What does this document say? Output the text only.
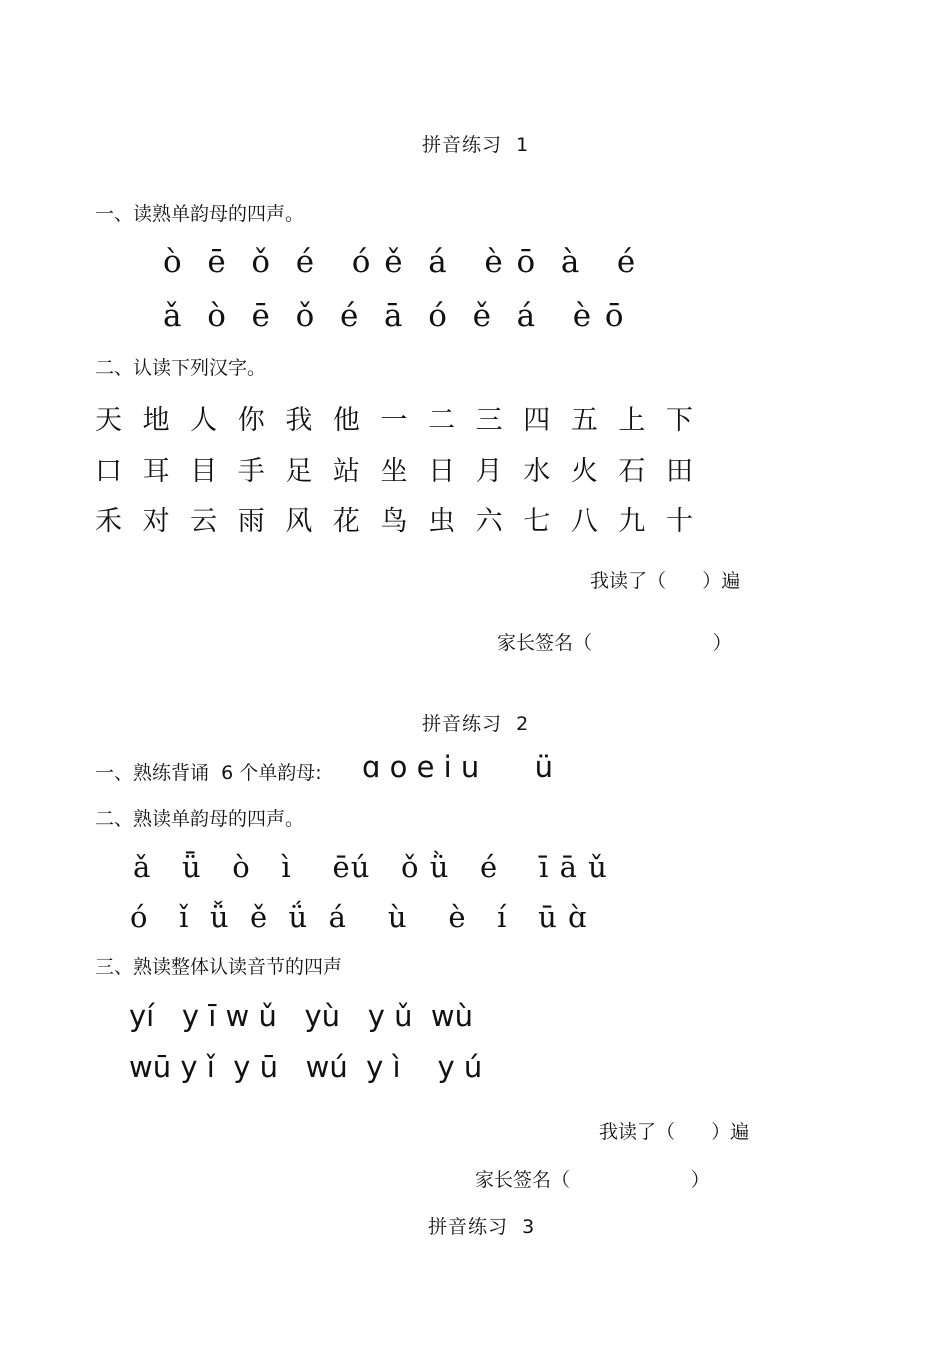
拼音练习  1
一、读熟单韵母的四声。
ò  ē  ǒ  é   ó ě  á   è ō  à   é
ǎ  ò  ē  ǒ  é  ā  ó  ě  á   è ō
二、认读下列汉字。
天 地 人 你 我 他 一 二 三 四 五 上 下
口 耳 目 手 足 站 坐 日 月 水 火 石 田
禾 对 云 雨 风 花 鸟 虫 六 七 八 九 十
我读了（      ）遍
家长签名（                    ）
拼音练习  2
一、熟练背诵  6 个单韵母: ɑ o e i u      ü
二、熟读单韵母的四声。
ǎ   ǖ   ò   ì    ēú   ǒ ǜ   é    ī ā ǔ
ó   ǐ  ǚ  ě  ǘ  á    ù    è   í   ū ɑ̀
三、熟读整体认读音节的四声
yí   y ī w ǔ   yù   y ǔ  wù
wū y ǐ  y ū   wú  y ì    y ú
我读了（      ）遍
家长签名（                    ）
拼音练习  3
